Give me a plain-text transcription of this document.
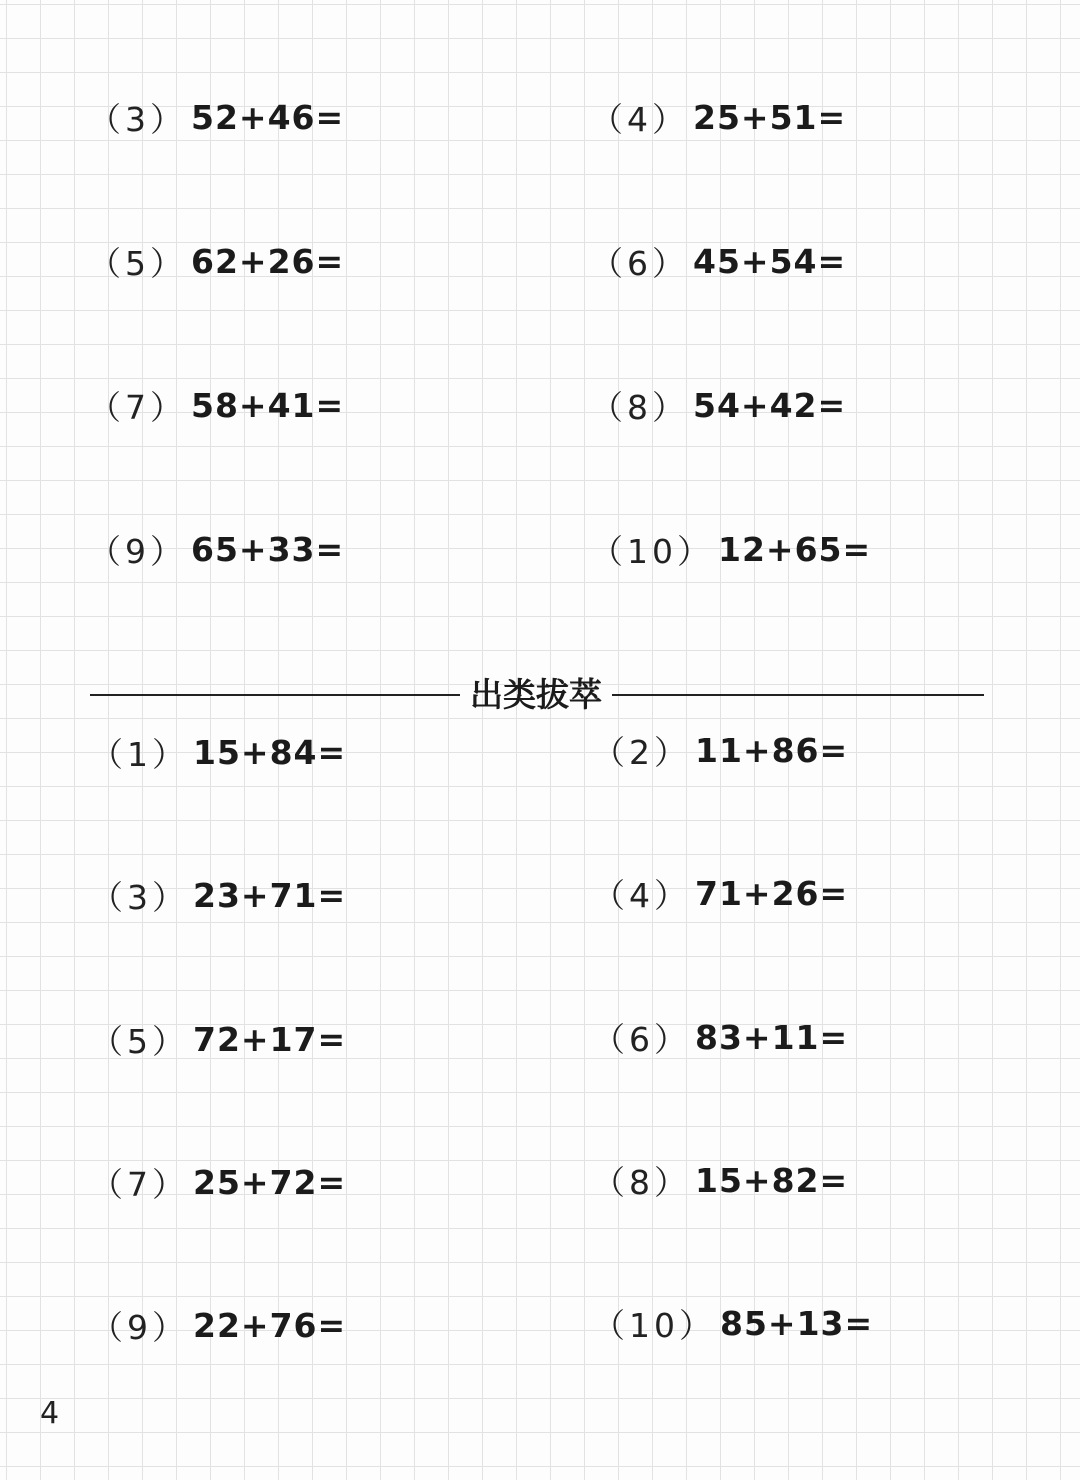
（3） 52+46=	（4） 25+51=
（5） 62+26=	（6） 45+54=
（7） 58+41=	（8） 54+42=
（9） 65+33=	（10） 12+65=
出类拔萃
（1） 15+84=	（2） 11+86=
（3） 23+71=	（4） 71+26=
（5） 72+17=	（6） 83+11=
（7） 25+72=	（8） 15+82=
（9） 22+76=	（10） 85+13=
4
